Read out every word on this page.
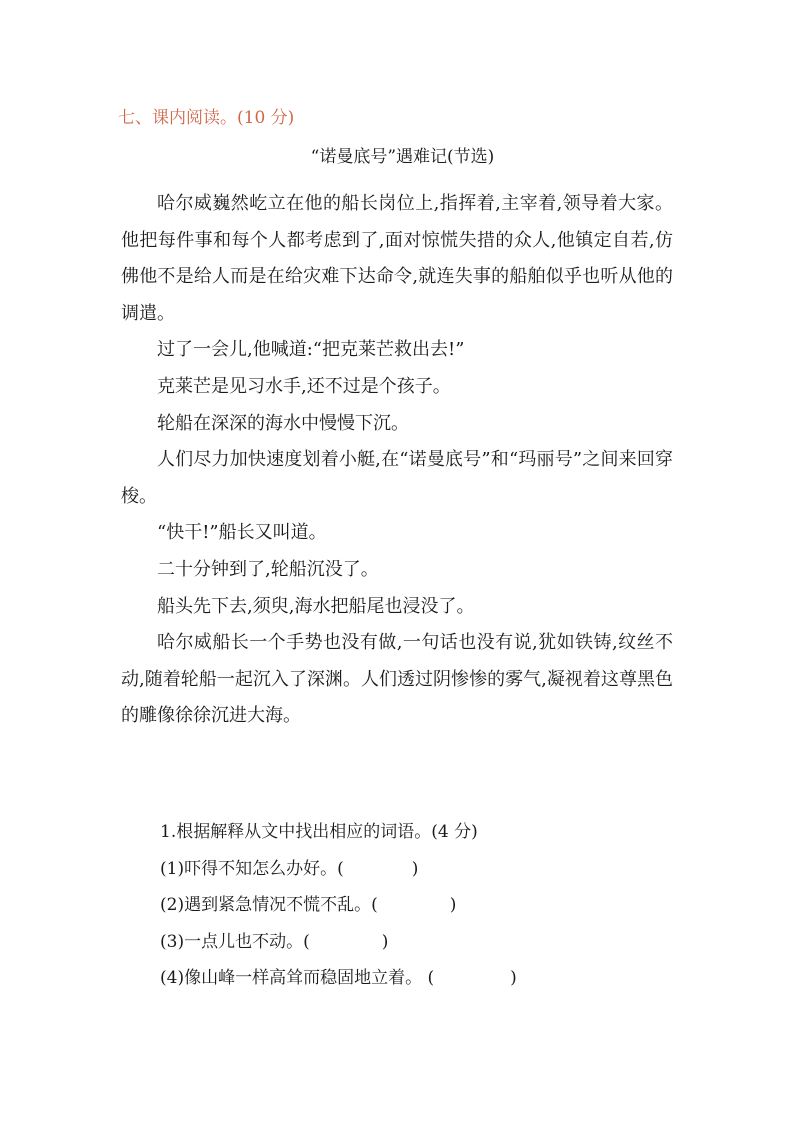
七、课内阅读。(10 分)
“诺曼底号”遇难记(节选)

哈尔威巍然屹立在他的船长岗位上,指挥着,主宰着,领导着大家。他把每件事和每个人都考虑到了,面对惊慌失措的众人,他镇定自若,仿佛他不是给人而是在给灾难下达命令,就连失事的船舶似乎也听从他的调遣。

过了一会儿,他喊道:“把克莱芒救出去!”

克莱芒是见习水手,还不过是个孩子。

轮船在深深的海水中慢慢下沉。

人们尽力加快速度划着小艇,在“诺曼底号”和“玛丽号”之间来回穿梭。

“快干!”船长又叫道。

二十分钟到了,轮船沉没了。

船头先下去,须臾,海水把船尾也浸没了。

哈尔威船长一个手势也没有做,一句话也没有说,犹如铁铸,纹丝不动,随着轮船一起沉入了深渊。人们透过阴惨惨的雾气,凝视着这尊黑色的雕像徐徐沉进大海。

1.根据解释从文中找出相应的词语。(4 分)
(1)吓得不知怎么办好。(	)
(2)遇到紧急情况不慌不乱。(	)
(3)一点儿也不动。(	)
(4)像山峰一样高耸而稳固地立着。 (	)
